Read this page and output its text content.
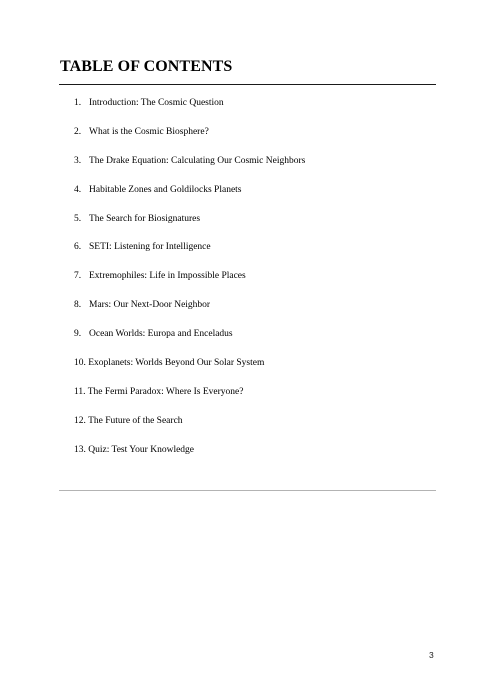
TABLE OF CONTENTS
1. Introduction: The Cosmic Question
2. What is the Cosmic Biosphere?
3. The Drake Equation: Calculating Our Cosmic Neighbors
4. Habitable Zones and Goldilocks Planets
5. The Search for Biosignatures
6. SETI: Listening for Intelligence
7. Extremophiles: Life in Impossible Places
8. Mars: Our Next-Door Neighbor
9. Ocean Worlds: Europa and Enceladus
10. Exoplanets: Worlds Beyond Our Solar System
11. The Fermi Paradox: Where Is Everyone?
12. The Future of the Search
13. Quiz: Test Your Knowledge
3
